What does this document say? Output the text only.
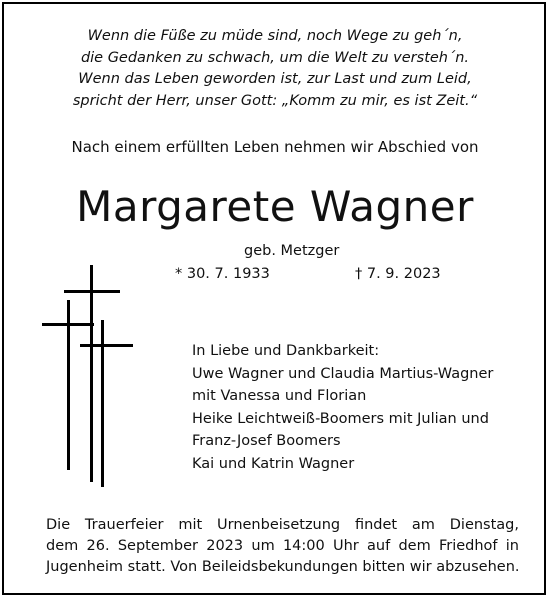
Wenn die Füße zu müde sind, noch Wege zu geh´n,
die Gedanken zu schwach, um die Welt zu versteh´n.
Wenn das Leben geworden ist, zur Last und zum Leid,
spricht der Herr, unser Gott: „Komm zu mir, es ist Zeit.“
Nach einem erfüllten Leben nehmen wir Abschied von
Margarete Wagner
geb. Metzger
* 30. 7. 1933	† 7. 9. 2023
In Liebe und Dankbarkeit:
Uwe Wagner und Claudia Martius-Wagner
mit Vanessa und Florian
Heike Leichtweiß-Boomers mit Julian und
Franz-Josef Boomers
Kai und Katrin Wagner
Die Trauerfeier mit Urnenbeisetzung findet am Dienstag,
dem 26. September 2023 um 14:00 Uhr auf dem Friedhof in
Jugenheim statt. Von Beileidsbekundungen bitten wir abzusehen.
